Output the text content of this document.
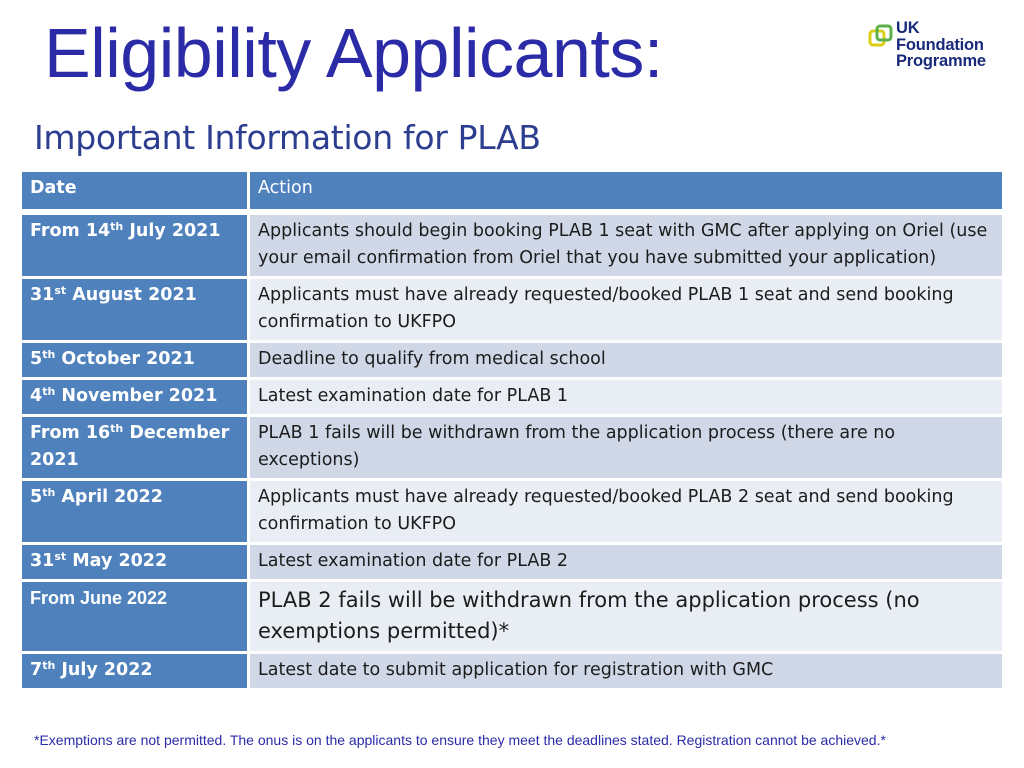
Eligibility Applicants:	UK
Foundation
Programme
Important Information for PLAB
Date	Action
From 14th July 2021	Applicants should begin booking PLAB 1 seat with GMC after applying on Oriel (use your email confirmation from Oriel that you have submitted your application)
31st August 2021	Applicants must have already requested/booked PLAB 1 seat and send booking confirmation to UKFPO
5th October 2021	Deadline to qualify from medical school
4th November 2021	Latest examination date for PLAB 1
From 16th December 2021	PLAB 1 fails will be withdrawn from the application process (there are no exceptions)
5th April 2022	Applicants must have already requested/booked PLAB 2 seat and send booking confirmation to UKFPO
31st May 2022	Latest examination date for PLAB 2
From June 2022	PLAB 2 fails will be withdrawn from the application process (no exemptions permitted)*
7th July 2022	Latest date to submit application for registration with GMC
*Exemptions are not permitted. The onus is on the applicants to ensure they meet the deadlines stated. Registration cannot be achieved.*
